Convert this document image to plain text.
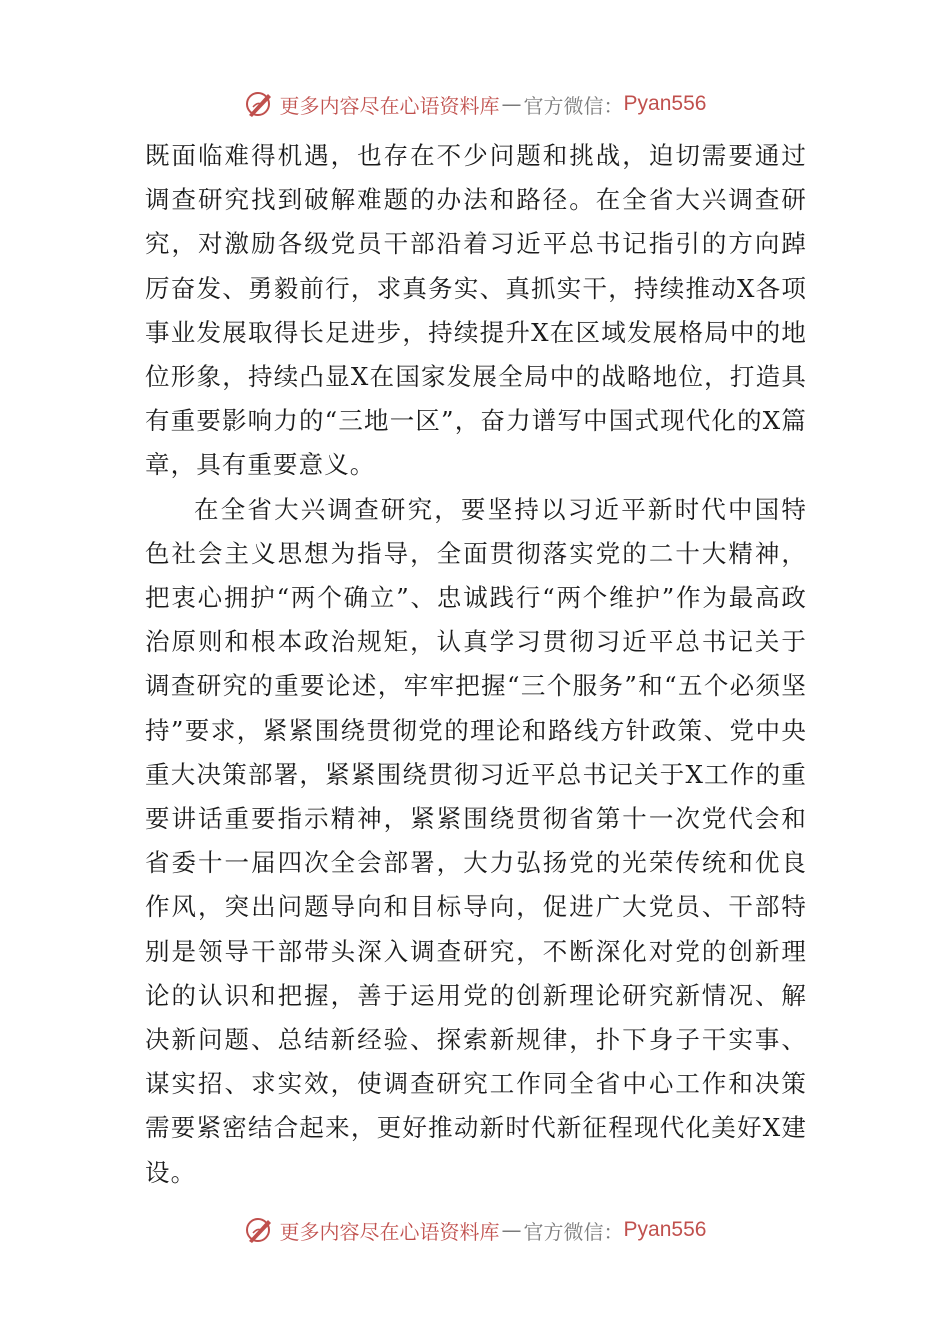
更多内容尽在心语资料库 — 官方微信： Pyan556

既面临难得机遇，也存在不少问题和挑战，迫切需要通过调查研究找到破解难题的办法和路径。在全省大兴调查研究，对激励各级党员干部沿着习近平总书记指引的方向踔厉奋发、勇毅前行，求真务实、真抓实干，持续推动X各项事业发展取得长足进步，持续提升X在区域发展格局中的地位形象，持续凸显X在国家发展全局中的战略地位，打造具有重要影响力的“三地一区”，奋力谱写中国式现代化的X篇章，具有重要意义。

在全省大兴调查研究，要坚持以习近平新时代中国特色社会主义思想为指导，全面贯彻落实党的二十大精神，把衷心拥护“两个确立”、忠诚践行“两个维护”作为最高政治原则和根本政治规矩，认真学习贯彻习近平总书记关于调查研究的重要论述，牢牢把握“三个服务”和“五个必须坚持”要求，紧紧围绕贯彻党的理论和路线方针政策、党中央重大决策部署，紧紧围绕贯彻习近平总书记关于X工作的重要讲话重要指示精神，紧紧围绕贯彻省第十一次党代会和省委十一届四次全会部署，大力弘扬党的光荣传统和优良作风，突出问题导向和目标导向，促进广大党员、干部特别是领导干部带头深入调查研究，不断深化对党的创新理论的认识和把握，善于运用党的创新理论研究新情况、解决新问题、总结新经验、探索新规律，扑下身子干实事、谋实招、求实效，使调查研究工作同全省中心工作和决策需要紧密结合起来，更好推动新时代新征程现代化美好X建设。

更多内容尽在心语资料库 — 官方微信： Pyan556
